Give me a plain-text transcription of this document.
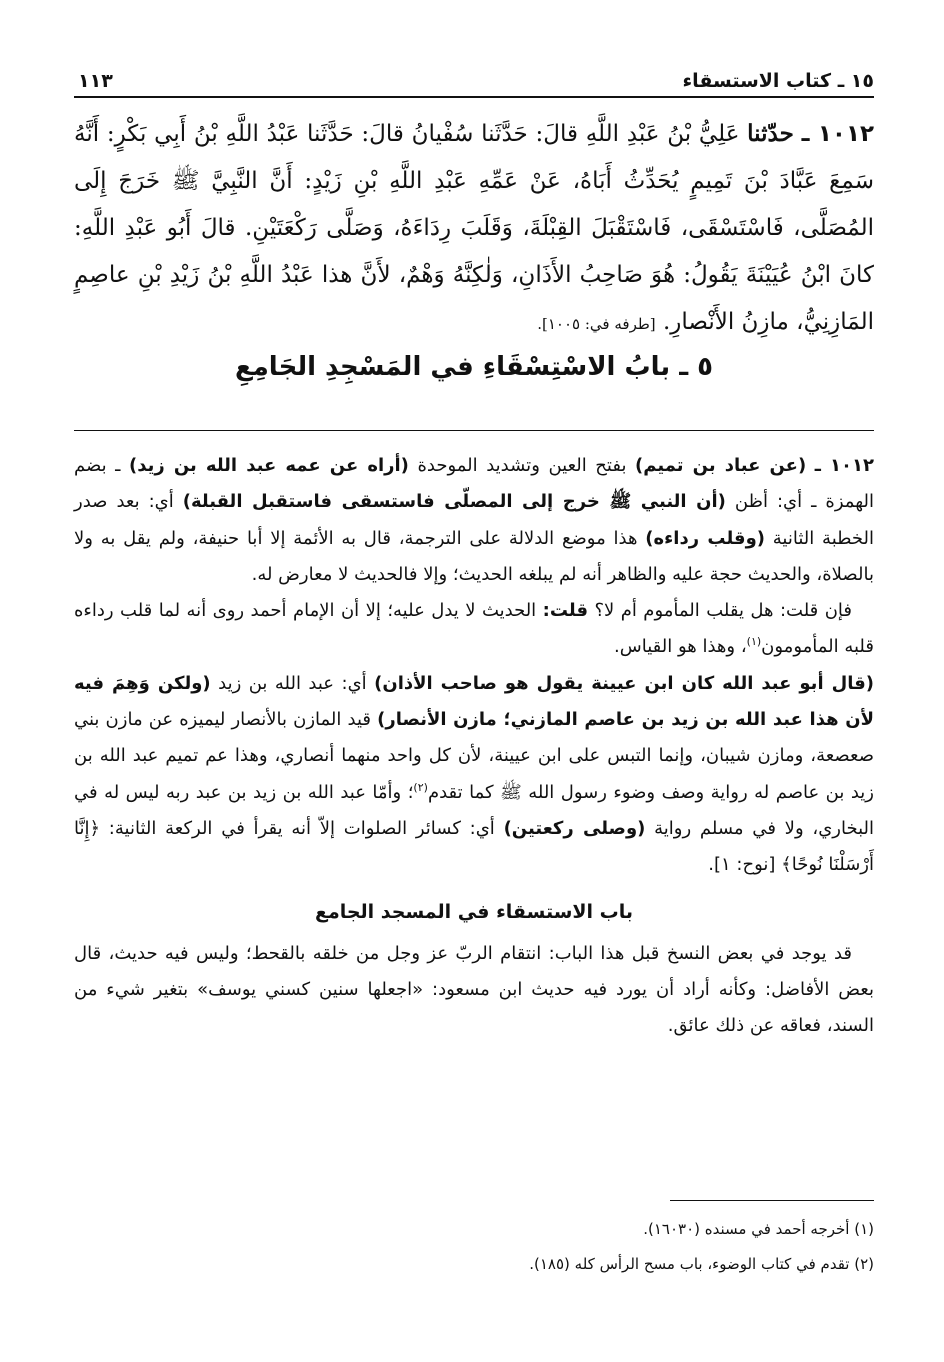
١١٣	١٥ ـ كتاب الاستسقاء
١٠١٢ ـ حدّثنا عَلِيُّ بْنُ عَبْدِ اللَّهِ قالَ: حَدَّثَنا سُفْيانُ قالَ: حَدَّثَنا عَبْدُ اللَّهِ بْنُ أَبِي بَكْرٍ: أَنَّهُ سَمِعَ عَبَّادَ بْنَ تَمِيمٍ يُحَدِّثُ أَبَاهُ، عَنْ عَمِّهِ عَبْدِ اللَّهِ بْنِ زَيْدٍ: أَنَّ النَّبِيَّ ﷺ خَرَجَ إِلَى المُصَلَّى، فَاسْتَسْقَى، فَاسْتَقْبَلَ القِبْلَةَ، وَقَلَبَ رِدَاءَهُ، وَصَلَّى رَكْعَتَيْنِ. قالَ أَبُو عَبْدِ اللَّهِ: كانَ ابْنُ عُيَيْنَةَ يَقُولُ: هُوَ صَاحِبُ الأَذَانِ، وَلٰكِنَّهُ وَهْمٌ، لأَنَّ هذا عَبْدُ اللَّهِ بْنُ زَيْدِ بْنِ عاصِمٍ المَازِنِيُّ، مازِنُ الأَنْصارِ. [طرفه في: ١٠٠٥].
٥ ـ بابُ الاسْتِسْقَاءِ في المَسْجِدِ الجَامِعِ

١٠١٢ ـ (عن عباد بن تميم) بفتح العين وتشديد الموحدة (أراه عن عمه عبد الله بن زيد) ـ بضم الهمزة ـ أي: أظن (أن النبي ﷺ خرج إلى المصلّى فاستسقى فاستقبل القبلة) أي: بعد صدر الخطبة الثانية (وقلب رداءه) هذا موضع الدلالة على الترجمة، قال به الأئمة إلا أبا حنيفة، ولم يقل به ولا بالصلاة، والحديث حجة عليه والظاهر أنه لم يبلغه الحديث؛ وإلا فالحديث لا معارض له.

فإن قلت: هل يقلب المأموم أم لا؟ قلت: الحديث لا يدل عليه؛ إلا أن الإمام أحمد روى أنه لما قلب رداءه قلبه المأمومون$^{(١)}$، وهذا هو القياس.

(قال أبو عبد الله كان ابن عيينة يقول هو صاحب الأذان) أي: عبد الله بن زيد (ولكن وَهِمَ فيه لأن هذا عبد الله بن زيد بن عاصم المازني؛ مازن الأنصار) قيد المازن بالأنصار ليميزه عن مازن بني صعصعة، ومازن شيبان، وإنما التبس على ابن عيينة، لأن كل واحد منهما أنصاري، وهذا عم تميم عبد الله بن زيد بن عاصم له رواية وصف وضوء رسول الله ﷺ كما تقدم$^{(٢)}$؛ وأمّا عبد الله بن زيد بن عبد ربه ليس له في البخاري، ولا في مسلم رواية (وصلى ركعتين) أي: كسائر الصلوات إلاّ أنه يقرأ في الركعة الثانية: ﴿إِنَّا أَرْسَلْنَا نُوحًا﴾ [نوح: ١].

باب الاستسقاء في المسجد الجامع

قد يوجد في بعض النسخ قبل هذا الباب: انتقام الربّ عز وجل من خلقه بالقحط؛ وليس فيه حديث، قال بعض الأفاضل: وكأنه أراد أن يورد فيه حديث ابن مسعود: «اجعلها سنين كسني يوسف» بتغير شيء من السند، فعاقه عن ذلك عائق.

(١) أخرجه أحمد في مسنده (١٦٠٣٠).
(٢) تقدم في كتاب الوضوء، باب مسح الرأس كله (١٨٥).
